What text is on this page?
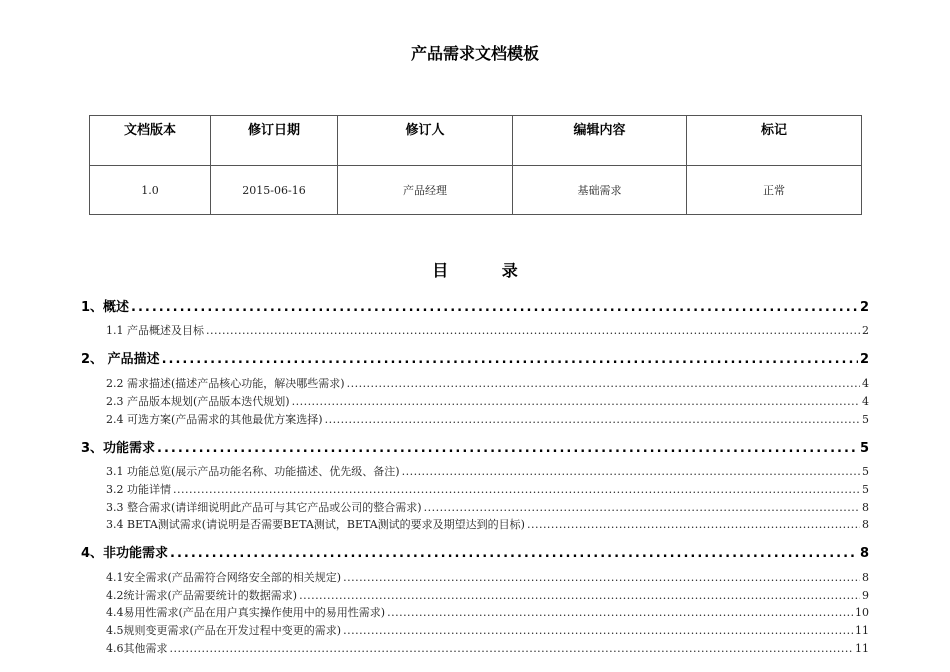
产品需求文档模板
文档版本	修订日期	修订人	编辑内容	标记
1.0	2015-06-16	产品经理	基础需求	正常
目 录
1、概述 .....	2
1.1 产品概述及目标 .....	2
2、 产品描述 .....	2
2.2 需求描述(描述产品核心功能，解决哪些需求) .....	4
2.3 产品版本规划(产品版本迭代规划) .....	4
2.4 可选方案(产品需求的其他最优方案选择) .....	5
3、功能需求 .....	5
3.1 功能总览(展示产品功能名称、功能描述、优先级、备注) .....	5
3.2 功能详情 .....	5
3.3 整合需求(请详细说明此产品可与其它产品或公司的整合需求) .....	8
3.4 BETA测试需求(请说明是否需要BETA测试，BETA测试的要求及期望达到的目标) .....	8
4、非功能需求 .....	8
4.1安全需求(产品需符合网络安全部的相关规定) .....	8
4.2统计需求(产品需要统计的数据需求) .....	9
4.4易用性需求(产品在用户真实操作使用中的易用性需求) .....	10
4.5规则变更需求(产品在开发过程中变更的需求) .....	11
4.6其他需求 .....	11
